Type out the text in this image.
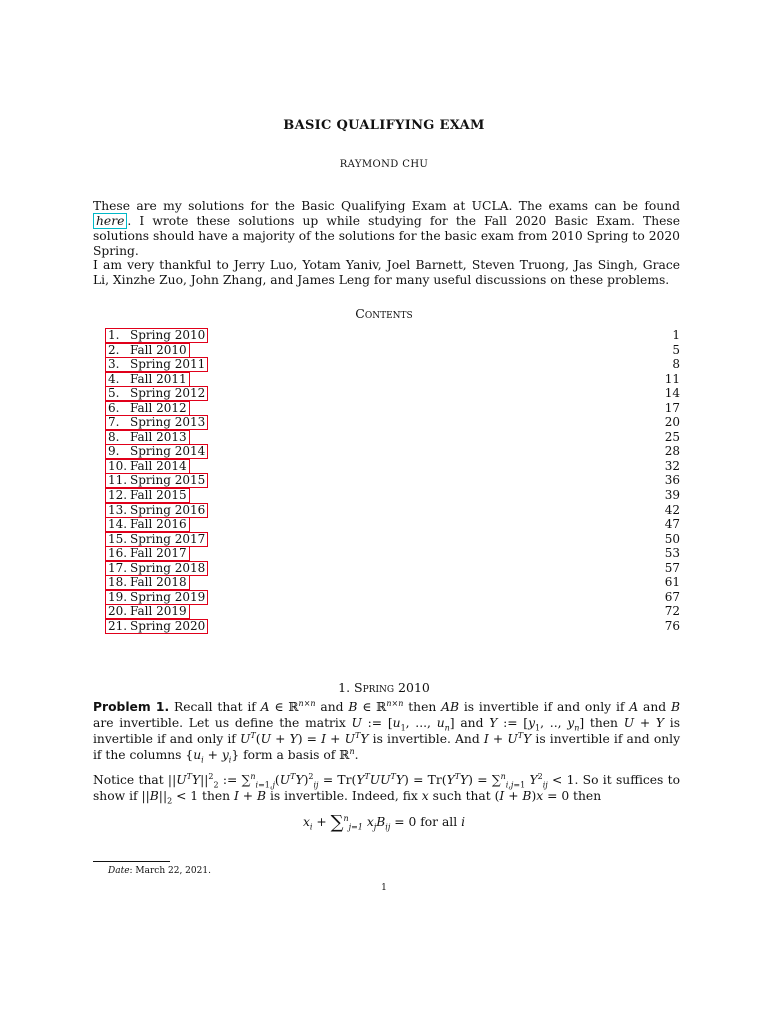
BASIC QUALIFYING EXAM
RAYMOND CHU
These are my solutions for the Basic Qualifying Exam at UCLA. The exams can be found here . I wrote these solutions up while studying for the Fall 2020 Basic Exam. These solutions should have a majority of the solutions for the basic exam from 2010 Spring to 2020 Spring.
I am very thankful to Jerry Luo, Yotam Yaniv, Joel Barnett, Steven Truong, Jas Singh, Grace Li, Xinzhe Zuo, John Zhang, and James Leng for many useful discussions on these problems.
Contents
1. Spring 2010	1
2. Fall 2010	5
3. Spring 2011	8
4. Fall 2011	11
5. Spring 2012	14
6. Fall 2012	17
7. Spring 2013	20
8. Fall 2013	25
9. Spring 2014	28
10. Fall 2014	32
11. Spring 2015	36
12. Fall 2015	39
13. Spring 2016	42
14. Fall 2016	47
15. Spring 2017	50
16. Fall 2017	53
17. Spring 2018	57
18. Fall 2018	61
19. Spring 2019	67
20. Fall 2019	72
21. Spring 2020	76
1. Spring 2010
Problem 1. Recall that if A ∈ ℝ$^{n\times n}$ and B ∈ ℝ$^{n\times n}$ then AB is invertible if and only if A and B are invertible. Let us define the matrix U := [$u_1$, ..., $u_n$] and Y := [$y_1$, .., $y_n$] then U + Y is invertible if and only if $U^T(U + Y) = I + U^TY$ is invertible. And $I + U^TY$ is invertible if and only if the columns $\{u_i + y_i\}$ form a basis of ℝ$^n$.
Notice that $||U^TY||^2_2$ := $\sum^n_{i=1,j}(U^TY)^2_{ij} = Tr(Y^TUU^TY) = Tr(Y^TY) = \sum^n_{i,j=1}$ $Y^2_{ij} < 1$. So it suffices to show if $||B||_2 < 1$ then I + B is invertible. Indeed, fix x such that (I + B)x = 0 then
$x_i + \sum^n_{j=1}$ $x_jB_{ij} = 0$ for all i
Date: March 22, 2021.
1
